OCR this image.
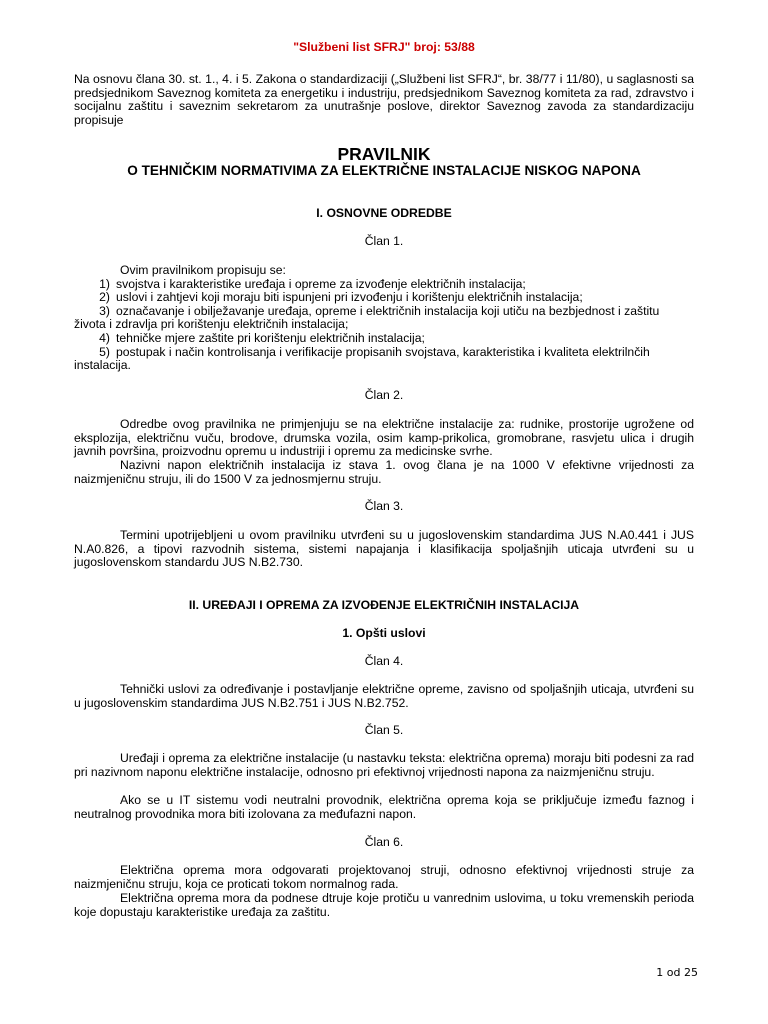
"Službeni list SFRJ" broj: 53/88
Na osnovu člana 30. st. 1., 4. i 5. Zakona o standardizaciji („Službeni list SFRJ“, br. 38/77 i 11/80), u saglasnosti sa predsjednikom Saveznog komiteta za energetiku i industriju, predsjednikom Saveznog komiteta za rad, zdravstvo i socijalnu zaštitu i saveznim sekretarom za unutrašnje poslove, direktor Saveznog zavoda za standardizaciju propisuje
PRAVILNIK
O TEHNIČKIM NORMATIVIMA ZA ELEKTRIČNE INSTALACIJE NISKOG NAPONA
I. OSNOVNE ODREDBE
Član 1.
Ovim pravilnikom propisuju se:
1) svojstva i karakteristike uređaja i opreme za izvođenje električnih instalacija;
2) uslovi i zahtjevi koji moraju biti ispunjeni pri izvođenju i korištenju električnih instalacija;
3) označavanje i obilježavanje uređaja, opreme i električnih instalacija koji utiču na bezbjednost i zaštitu
života i zdravlja pri korištenju električnih instalacija;
4) tehničke mjere zaštite pri korištenju električnih instalacija;
5) postupak i način kontrolisanja i verifikacije propisanih svojstava, karakteristika i kvaliteta elektrilnčih
instalacija.
Član 2.
Odredbe ovog pravilnika ne primjenjuju se na električne instalacije za: rudnike, prostorije ugrožene od eksplozija, električnu vuču, brodove, drumska vozila, osim kamp-prikolica, gromobrane, rasvjetu ulica i drugih javnih površina, proizvodnu opremu u industriji i opremu za medicinske svrhe.
Nazivni napon električnih instalacija iz stava 1. ovog člana je na 1000 V efektivne vrijednosti za naizmjeničnu struju, ili do 1500 V za jednosmjernu struju.
Član 3.
Termini upotrijebljeni u ovom pravilniku utvrđeni su u jugoslovenskim standardima JUS N.A0.441 i JUS N.A0.826, a tipovi razvodnih sistema, sistemi napajanja i klasifikacija spoljašnjih uticaja utvrđeni su u jugoslovenskom standardu JUS N.B2.730.
II. UREĐAJI I OPREMA ZA IZVOĐENJE ELEKTRIČNIH INSTALACIJA
1. Opšti uslovi
Član 4.
Tehnički uslovi za određivanje i postavljanje električne opreme, zavisno od spoljašnjih uticaja, utvrđeni su u jugoslovenskim standardima JUS N.B2.751 i JUS N.B2.752.
Član 5.
Uređaji i oprema za električne instalacije (u nastavku teksta: električna oprema) moraju biti podesni za rad pri nazivnom naponu električne instalacije, odnosno pri efektivnoj vrijednosti napona za naizmjeničnu struju.
Ako se u IT sistemu vodi neutralni provodnik, električna oprema koja se priključuje između faznog i neutralnog provodnika mora biti izolovana za međufazni napon.
Član 6.
Električna oprema mora odgovarati projektovanoj struji, odnosno efektivnoj vrijednosti struje za naizmjeničnu struju, koja ce proticati tokom normalnog rada.
Električna oprema mora da podnese dtruje koje protiču u vanrednim uslovima, u toku vremenskih perioda koje dopustaju karakteristike uređaja za zaštitu.
1 od 25
